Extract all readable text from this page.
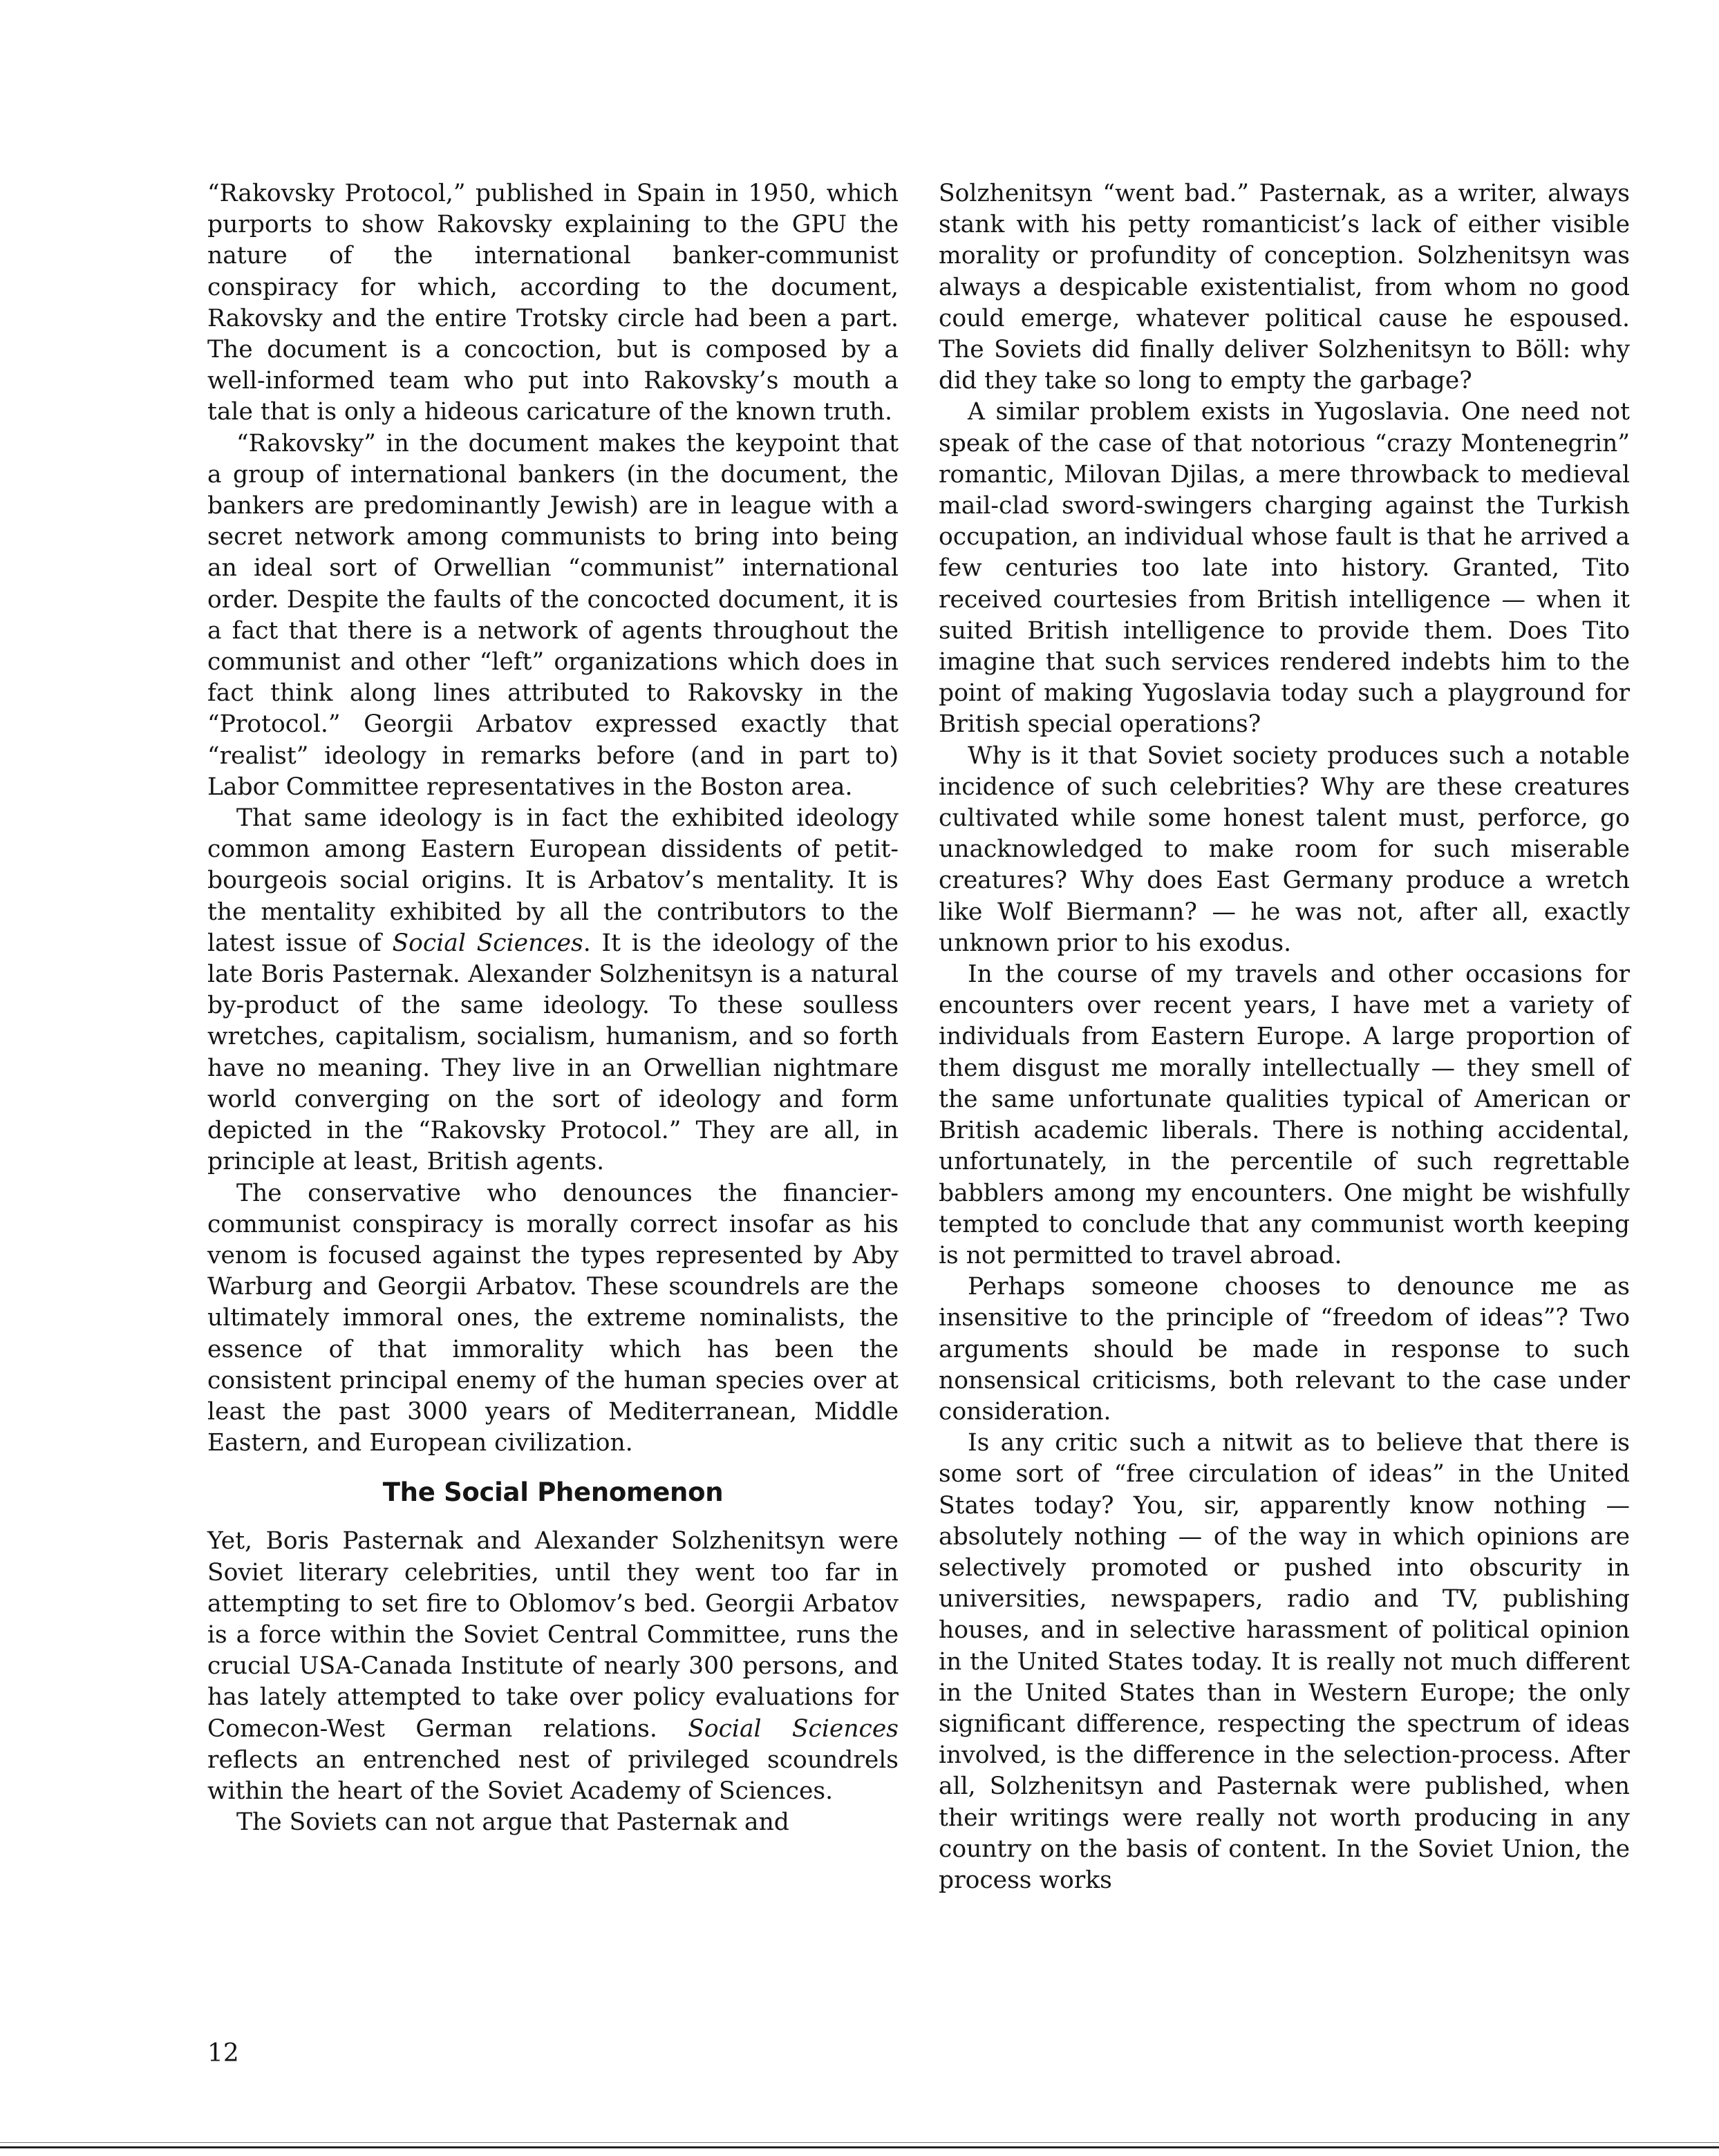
“Rakovsky Protocol,” published in Spain in 1950, which purports to show Rakovsky explaining to the GPU the nature of the international banker-communist conspiracy for which, according to the document, Rakovsky and the entire Trotsky circle had been a part. The document is a concoction, but is composed by a well-informed team who put into Rakovsky’s mouth a tale that is only a hideous caricature of the known truth.

“Rakovsky” in the document makes the keypoint that a group of international bankers (in the document, the bankers are predominantly Jewish) are in league with a secret network among communists to bring into being an ideal sort of Orwellian “communist” international order. Despite the faults of the concocted document, it is a fact that there is a network of agents throughout the communist and other “left” organizations which does in fact think along lines attributed to Rakovsky in the “Protocol.” Georgii Arbatov expressed exactly that “realist” ideology in remarks before (and in part to) Labor Committee representatives in the Boston area.

That same ideology is in fact the exhibited ideology common among Eastern European dissidents of petit-bourgeois social origins. It is Arbatov’s mentality. It is the mentality exhibited by all the contributors to the latest issue of Social Sciences. It is the ideology of the late Boris Pasternak. Alexander Solzhenitsyn is a natural by-product of the same ideology. To these soulless wretches, capitalism, socialism, humanism, and so forth have no meaning. They live in an Orwellian nightmare world converging on the sort of ideology and form depicted in the “Rakovsky Protocol.” They are all, in principle at least, British agents.

The conservative who denounces the financier-communist conspiracy is morally correct insofar as his venom is focused against the types represented by Aby Warburg and Georgii Arbatov. These scoundrels are the ultimately immoral ones, the extreme nominalists, the essence of that immorality which has been the consistent principal enemy of the human species over at least the past 3000 years of Mediterranean, Middle Eastern, and European civilization.

The Social Phenomenon

Yet, Boris Pasternak and Alexander Solzhenitsyn were Soviet literary celebrities, until they went too far in attempting to set fire to Oblomov’s bed. Georgii Arbatov is a force within the Soviet Central Committee, runs the crucial USA-Canada Institute of nearly 300 persons, and has lately attempted to take over policy evaluations for Comecon-West German relations. Social Sciences reflects an entrenched nest of privileged scoundrels within the heart of the Soviet Academy of Sciences.

The Soviets can not argue that Pasternak and

Solzhenitsyn “went bad.” Pasternak, as a writer, always stank with his petty romanticist’s lack of either visible morality or profundity of conception. Solzhenitsyn was always a despicable existentialist, from whom no good could emerge, whatever political cause he espoused. The Soviets did finally deliver Solzhenitsyn to Böll: why did they take so long to empty the garbage?

A similar problem exists in Yugoslavia. One need not speak of the case of that notorious “crazy Montenegrin” romantic, Milovan Djilas, a mere throwback to medieval mail-clad sword-swingers charging against the Turkish occupation, an individual whose fault is that he arrived a few centuries too late into history. Granted, Tito received courtesies from British intelligence — when it suited British intelligence to provide them. Does Tito imagine that such services rendered indebts him to the point of making Yugoslavia today such a playground for British special operations?

Why is it that Soviet society produces such a notable incidence of such celebrities? Why are these creatures cultivated while some honest talent must, perforce, go unacknowledged to make room for such miserable creatures? Why does East Germany produce a wretch like Wolf Biermann? — he was not, after all, exactly unknown prior to his exodus.

In the course of my travels and other occasions for encounters over recent years, I have met a variety of individuals from Eastern Europe. A large proportion of them disgust me morally intellectually — they smell of the same unfortunate qualities typical of American or British academic liberals. There is nothing accidental, unfortunately, in the percentile of such regrettable babblers among my encounters. One might be wishfully tempted to conclude that any communist worth keeping is not permitted to travel abroad.

Perhaps someone chooses to denounce me as insensitive to the principle of “freedom of ideas”? Two arguments should be made in response to such nonsensical criticisms, both relevant to the case under consideration.

Is any critic such a nitwit as to believe that there is some sort of “free circulation of ideas” in the United States today? You, sir, apparently know nothing — absolutely nothing — of the way in which opinions are selectively promoted or pushed into obscurity in universities, newspapers, radio and TV, publishing houses, and in selective harassment of political opinion in the United States today. It is really not much different in the United States than in Western Europe; the only significant difference, respecting the spectrum of ideas involved, is the difference in the selection-process. After all, Solzhenitsyn and Pasternak were published, when their writings were really not worth producing in any country on the basis of content. In the Soviet Union, the process works

12
